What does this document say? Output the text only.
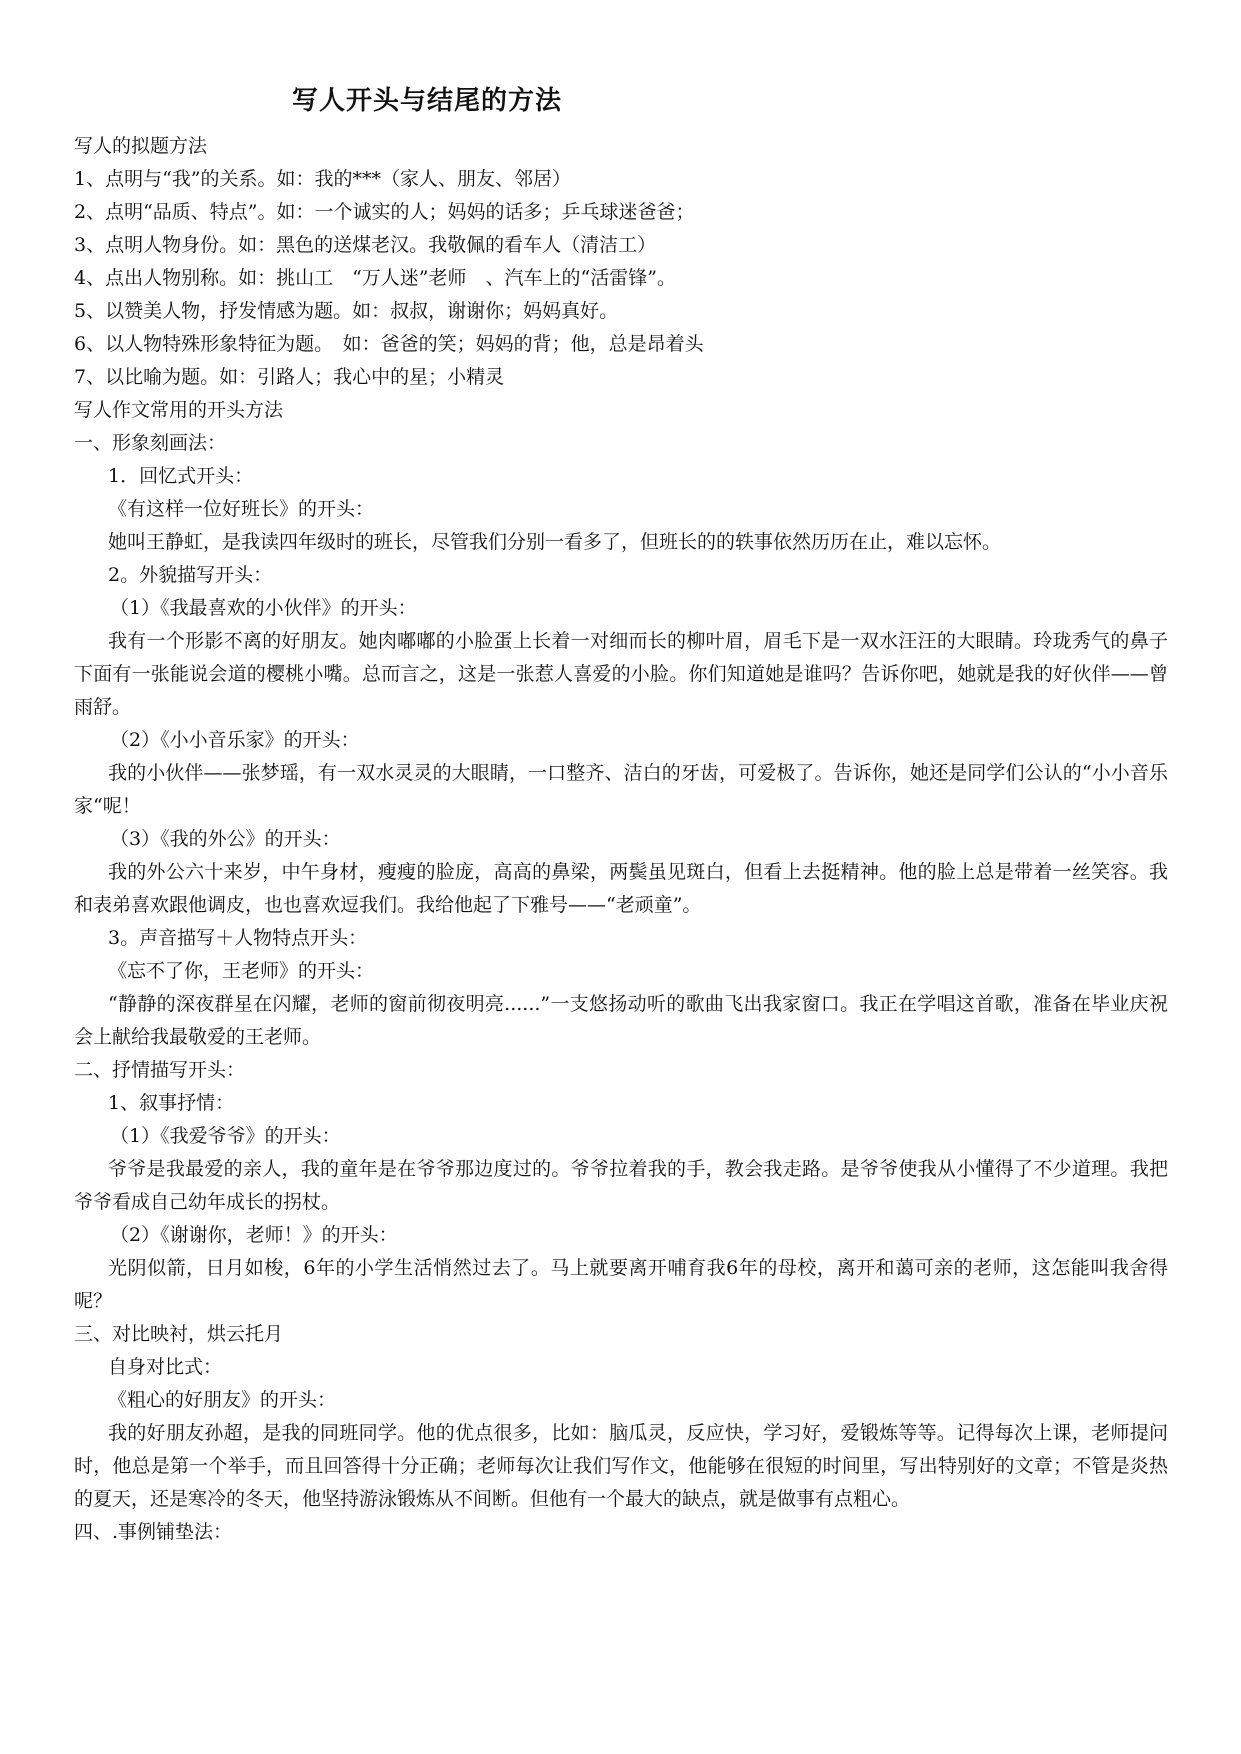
写人开头与结尾的方法

写人的拟题方法

1、点明与“我”的关系。如：我的***（家人、朋友、邻居）

2、点明“品质、特点”。如：一个诚实的人；妈妈的话多；乒乓球迷爸爸；

3、点明人物身份。如：黑色的送煤老汉。我敬佩的看车人（清洁工）

4、点出人物别称。如：挑山工　“万人迷”老师　、汽车上的“活雷锋”。

5、以赞美人物，抒发情感为题。如：叔叔，谢谢你；妈妈真好。

6、以人物特殊形象特征为题。　如：爸爸的笑；妈妈的背；他，总是昂着头

7、以比喻为题。如：引路人；我心中的星；小精灵

写人作文常用的开头方法

一、形象刻画法：

1．回忆式开头：

《有这样一位好班长》的开头：

她叫王静虹，是我读四年级时的班长，尽管我们分别一看多了，但班长的的轶事依然历历在止，难以忘怀。

2。外貌描写开头：

（1）《我最喜欢的小伙伴》的开头：

我有一个形影不离的好朋友。她肉嘟嘟的小脸蛋上长着一对细而长的柳叶眉，眉毛下是一双水汪汪的大眼睛。玲珑秀气的鼻子下面有一张能说会道的樱桃小嘴。总而言之，这是一张惹人喜爱的小脸。你们知道她是谁吗？告诉你吧，她就是我的好伙伴——曾雨舒。

（2）《小小音乐家》的开头：

我的小伙伴——张梦瑶，有一双水灵灵的大眼睛，一口整齐、洁白的牙齿，可爱极了。告诉你，她还是同学们公认的“小小音乐家“呢！

（3）《我的外公》的开头：

我的外公六十来岁，中午身材，瘦瘦的脸庞，高高的鼻梁，两鬓虽见斑白，但看上去挺精神。他的脸上总是带着一丝笑容。我和表弟喜欢跟他调皮，也也喜欢逗我们。我给他起了下雅号——“老顽童”。

3。声音描写＋人物特点开头：

《忘不了你，王老师》的开头：

“静静的深夜群星在闪耀，老师的窗前彻夜明亮......”一支悠扬动听的歌曲飞出我家窗口。我正在学唱这首歌，准备在毕业庆祝会上献给我最敬爱的王老师。

二、抒情描写开头：

1、叙事抒情：

（1）《我爱爷爷》的开头：

爷爷是我最爱的亲人，我的童年是在爷爷那边度过的。爷爷拉着我的手，教会我走路。是爷爷使我从小懂得了不少道理。我把爷爷看成自己幼年成长的拐杖。

（2）《谢谢你，老师！》的开头：

光阴似箭，日月如梭，6年的小学生活悄然过去了。马上就要离开哺育我6年的母校，离开和蔼可亲的老师，这怎能叫我舍得呢？

三、对比映衬，烘云托月

自身对比式：

《粗心的好朋友》的开头：

我的好朋友孙超，是我的同班同学。他的优点很多，比如：脑瓜灵，反应快，学习好，爱锻炼等等。记得每次上课，老师提问时，他总是第一个举手，而且回答得十分正确；老师每次让我们写作文，他能够在很短的时间里，写出特别好的文章；不管是炎热的夏天，还是寒冷的冬天，他坚持游泳锻炼从不间断。但他有一个最大的缺点，就是做事有点粗心。

四、.事例铺垫法：
